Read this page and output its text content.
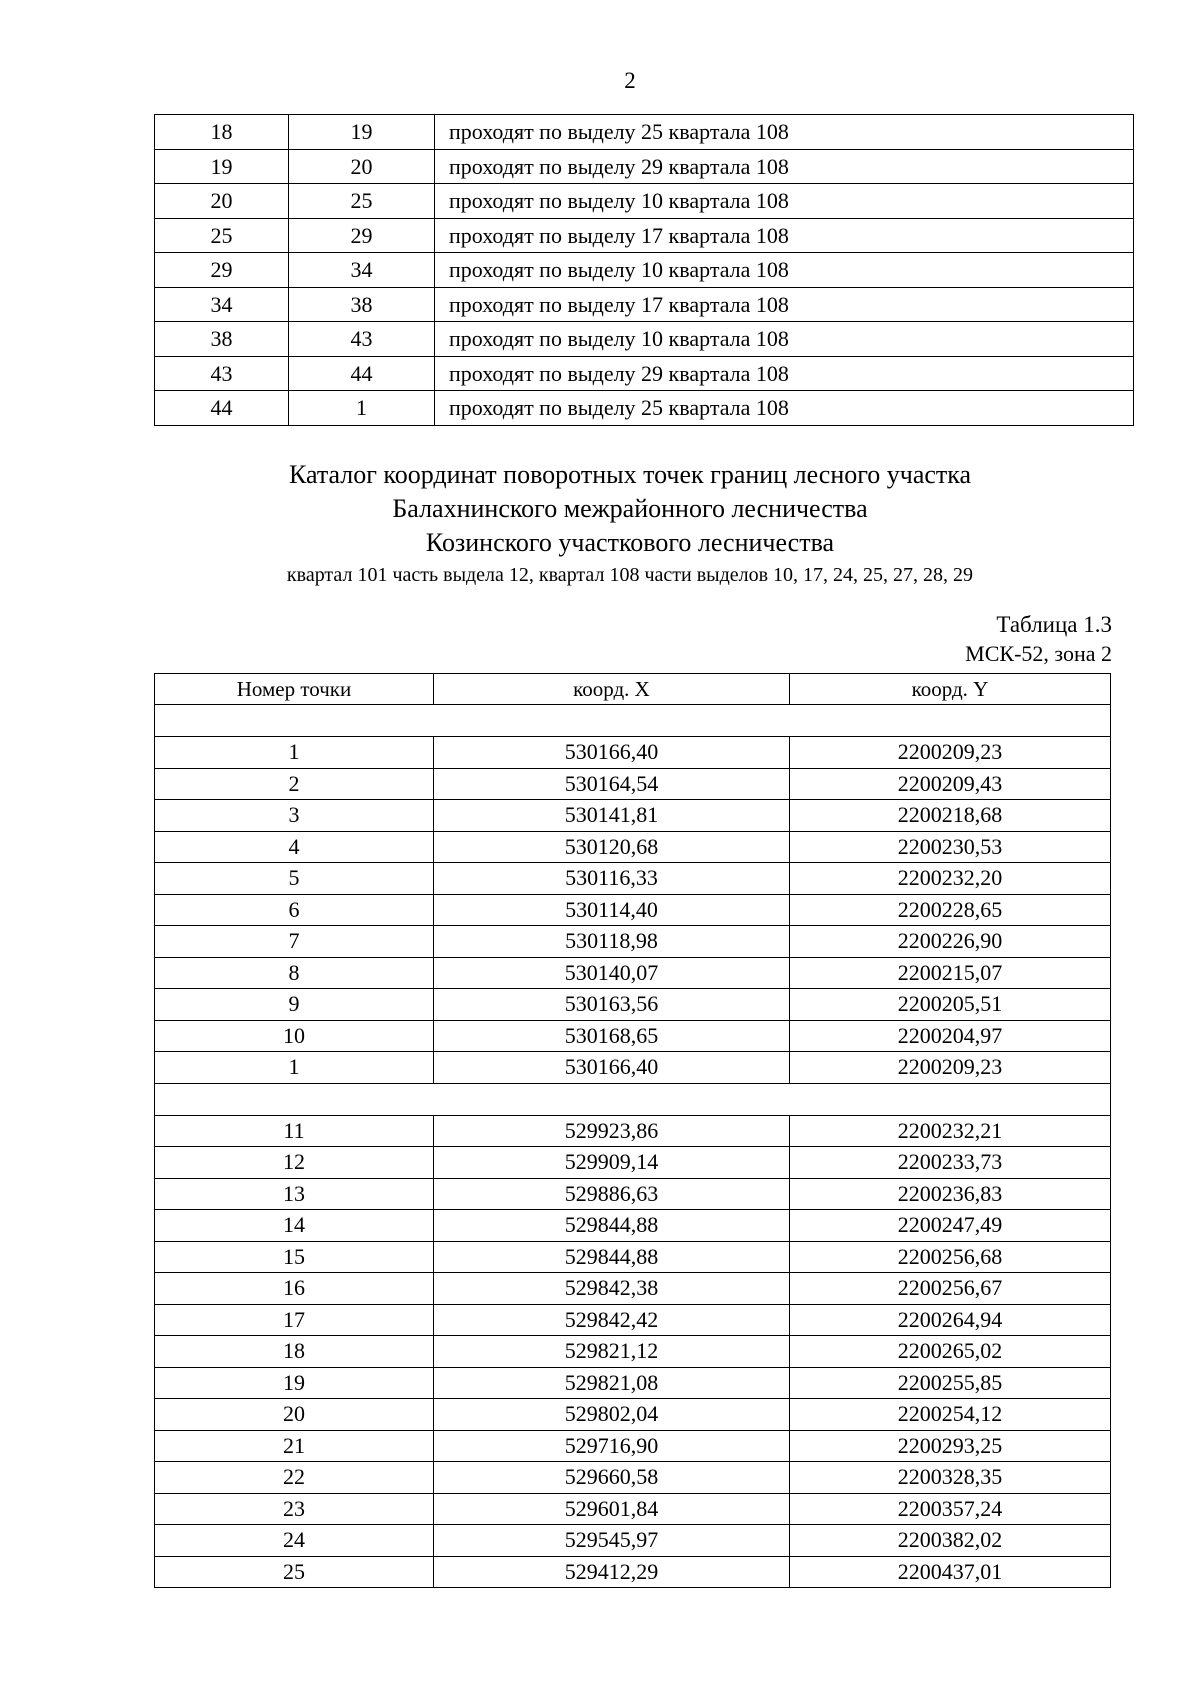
2
18	19	проходят по выделу 25 квартала 108
19	20	проходят по выделу 29 квартала 108
20	25	проходят по выделу 10 квартала 108
25	29	проходят по выделу 17 квартала 108
29	34	проходят по выделу 10 квартала 108
34	38	проходят по выделу 17 квартала 108
38	43	проходят по выделу 10 квартала 108
43	44	проходят по выделу 29 квартала 108
44	1	проходят по выделу 25 квартала 108
Каталог координат поворотных точек границ лесного участка
Балахнинского межрайонного лесничества
Козинского участкового лесничества
квартал 101 часть выдела 12, квартал 108 части выделов 10, 17, 24, 25, 27, 28, 29
Таблица 1.3
МСК-52, зона 2
Номер точки	коорд. X	коорд. Y

1	530166,40	2200209,23
2	530164,54	2200209,43
3	530141,81	2200218,68
4	530120,68	2200230,53
5	530116,33	2200232,20
6	530114,40	2200228,65
7	530118,98	2200226,90
8	530140,07	2200215,07
9	530163,56	2200205,51
10	530168,65	2200204,97
1	530166,40	2200209,23

11	529923,86	2200232,21
12	529909,14	2200233,73
13	529886,63	2200236,83
14	529844,88	2200247,49
15	529844,88	2200256,68
16	529842,38	2200256,67
17	529842,42	2200264,94
18	529821,12	2200265,02
19	529821,08	2200255,85
20	529802,04	2200254,12
21	529716,90	2200293,25
22	529660,58	2200328,35
23	529601,84	2200357,24
24	529545,97	2200382,02
25	529412,29	2200437,01
